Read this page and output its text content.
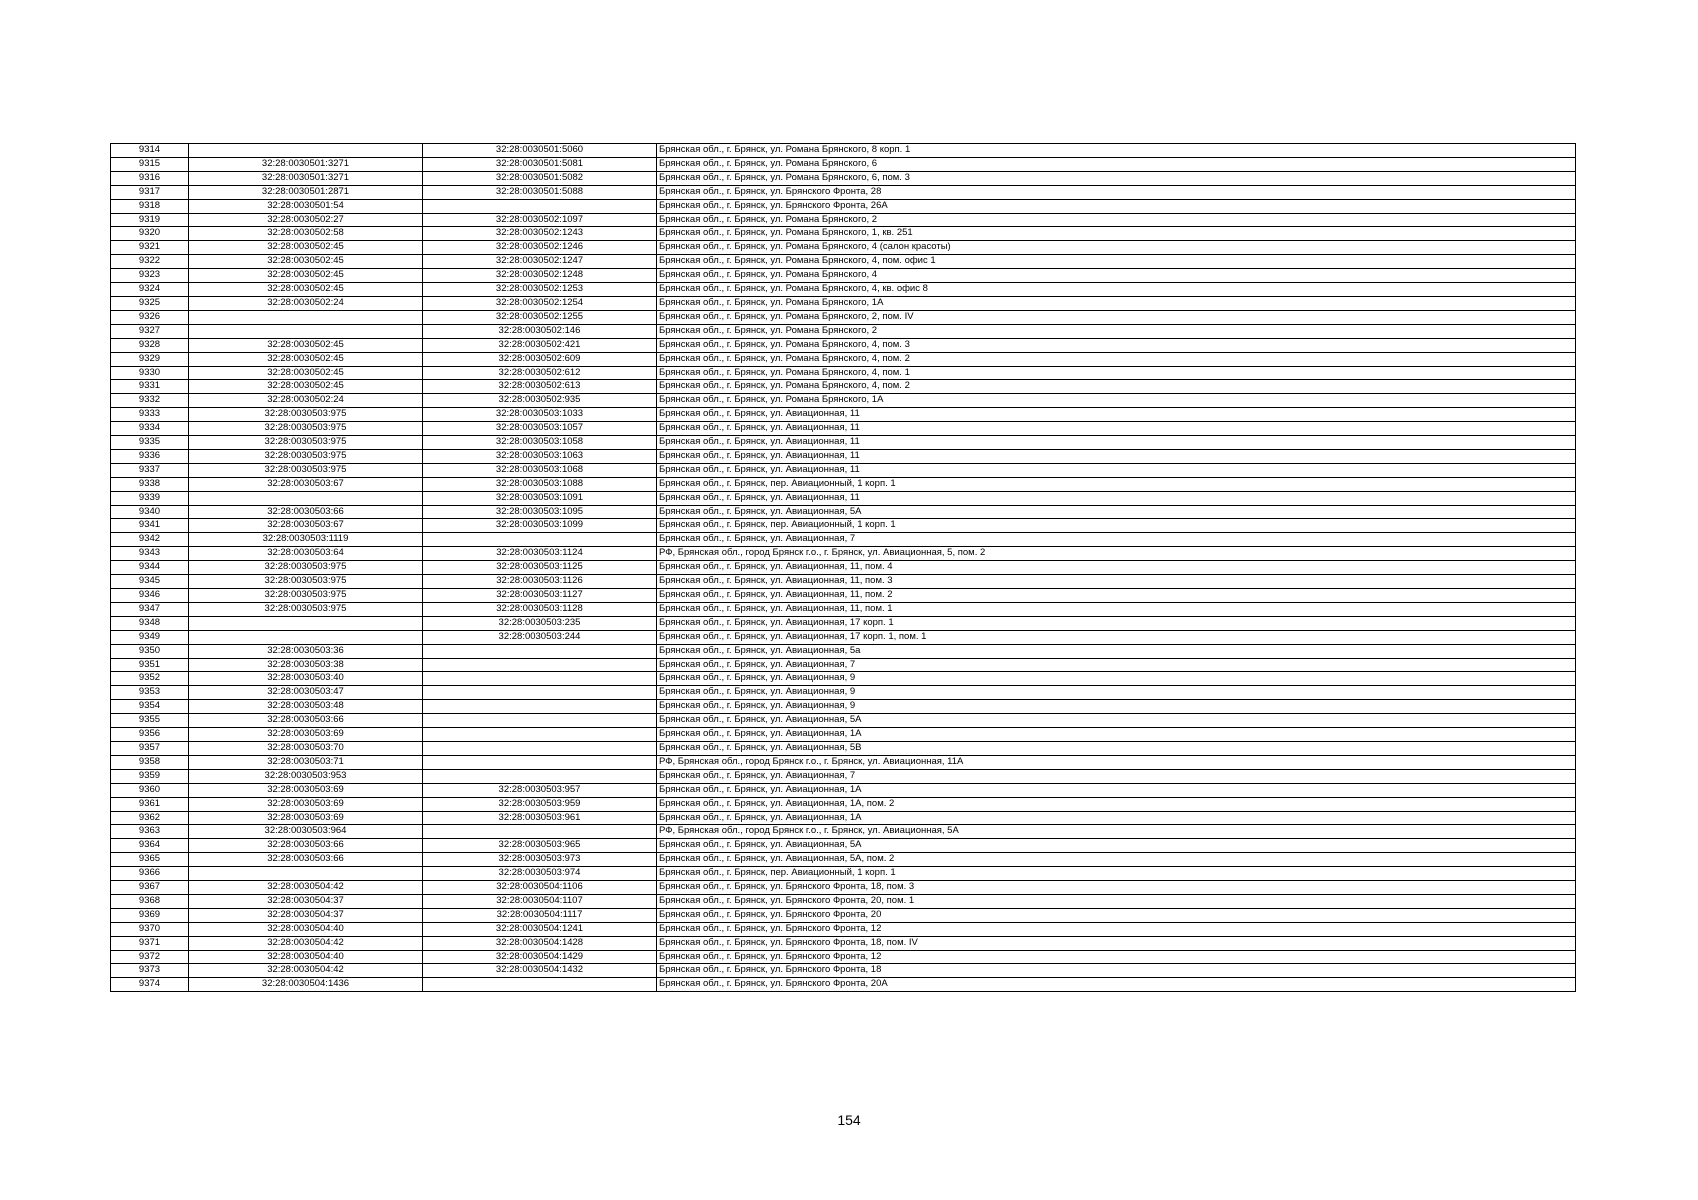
9314		32:28:0030501:5060	Брянская обл., г. Брянск, ул. Романа Брянского, 8 корп. 1
9315	32:28:0030501:3271	32:28:0030501:5081	Брянская обл., г. Брянск, ул. Романа Брянского, 6
9316	32:28:0030501:3271	32:28:0030501:5082	Брянская обл., г. Брянск, ул. Романа Брянского, 6, пом. 3
9317	32:28:0030501:2871	32:28:0030501:5088	Брянская обл., г. Брянск, ул. Брянского Фронта, 28
9318	32:28:0030501:54		Брянская обл., г. Брянск, ул. Брянского Фронта, 26А
9319	32:28:0030502:27	32:28:0030502:1097	Брянская обл., г. Брянск, ул. Романа Брянского, 2
9320	32:28:0030502:58	32:28:0030502:1243	Брянская обл., г. Брянск, ул. Романа Брянского, 1, кв. 251
9321	32:28:0030502:45	32:28:0030502:1246	Брянская обл., г. Брянск, ул. Романа Брянского, 4 (салон красоты)
9322	32:28:0030502:45	32:28:0030502:1247	Брянская обл., г. Брянск, ул. Романа Брянского, 4, пом. офис 1
9323	32:28:0030502:45	32:28:0030502:1248	Брянская обл., г. Брянск, ул. Романа Брянского, 4
9324	32:28:0030502:45	32:28:0030502:1253	Брянская обл., г. Брянск, ул. Романа Брянского, 4, кв. офис 8
9325	32:28:0030502:24	32:28:0030502:1254	Брянская обл., г. Брянск, ул. Романа Брянского, 1А
9326		32:28:0030502:1255	Брянская обл., г. Брянск, ул. Романа Брянского, 2, пом. IV
9327		32:28:0030502:146	Брянская обл., г. Брянск, ул. Романа Брянского, 2
9328	32:28:0030502:45	32:28:0030502:421	Брянская обл., г. Брянск, ул. Романа Брянского, 4, пом. 3
9329	32:28:0030502:45	32:28:0030502:609	Брянская обл., г. Брянск, ул. Романа Брянского, 4, пом. 2
9330	32:28:0030502:45	32:28:0030502:612	Брянская обл., г. Брянск, ул. Романа Брянского, 4, пом. 1
9331	32:28:0030502:45	32:28:0030502:613	Брянская обл., г. Брянск, ул. Романа Брянского, 4, пом. 2
9332	32:28:0030502:24	32:28:0030502:935	Брянская обл., г. Брянск, ул. Романа Брянского, 1А
9333	32:28:0030503:975	32:28:0030503:1033	Брянская обл., г. Брянск, ул. Авиационная, 11
9334	32:28:0030503:975	32:28:0030503:1057	Брянская обл., г. Брянск, ул. Авиационная, 11
9335	32:28:0030503:975	32:28:0030503:1058	Брянская обл., г. Брянск, ул. Авиационная, 11
9336	32:28:0030503:975	32:28:0030503:1063	Брянская обл., г. Брянск, ул. Авиационная, 11
9337	32:28:0030503:975	32:28:0030503:1068	Брянская обл., г. Брянск, ул. Авиационная, 11
9338	32:28:0030503:67	32:28:0030503:1088	Брянская обл., г. Брянск, пер. Авиационный, 1 корп. 1
9339		32:28:0030503:1091	Брянская обл., г. Брянск, ул. Авиационная, 11
9340	32:28:0030503:66	32:28:0030503:1095	Брянская обл., г. Брянск, ул. Авиационная, 5А
9341	32:28:0030503:67	32:28:0030503:1099	Брянская обл., г. Брянск, пер. Авиационный, 1 корп. 1
9342	32:28:0030503:1119		Брянская обл., г. Брянск, ул. Авиационная, 7
9343	32:28:0030503:64	32:28:0030503:1124	РФ, Брянская обл., город Брянск г.о., г. Брянск, ул. Авиационная, 5, пом. 2
9344	32:28:0030503:975	32:28:0030503:1125	Брянская обл., г. Брянск, ул. Авиационная, 11, пом. 4
9345	32:28:0030503:975	32:28:0030503:1126	Брянская обл., г. Брянск, ул. Авиационная, 11, пом. 3
9346	32:28:0030503:975	32:28:0030503:1127	Брянская обл., г. Брянск, ул. Авиационная, 11, пом. 2
9347	32:28:0030503:975	32:28:0030503:1128	Брянская обл., г. Брянск, ул. Авиационная, 11, пом. 1
9348		32:28:0030503:235	Брянская обл., г. Брянск, ул. Авиационная, 17 корп. 1
9349		32:28:0030503:244	Брянская обл., г. Брянск, ул. Авиационная, 17 корп. 1, пом. 1
9350	32:28:0030503:36		Брянская обл., г. Брянск, ул. Авиационная, 5а
9351	32:28:0030503:38		Брянская обл., г. Брянск, ул. Авиационная, 7
9352	32:28:0030503:40		Брянская обл., г. Брянск, ул. Авиационная, 9
9353	32:28:0030503:47		Брянская обл., г. Брянск, ул. Авиационная, 9
9354	32:28:0030503:48		Брянская обл., г. Брянск, ул. Авиационная, 9
9355	32:28:0030503:66		Брянская обл., г. Брянск, ул. Авиационная, 5А
9356	32:28:0030503:69		Брянская обл., г. Брянск, ул. Авиационная, 1А
9357	32:28:0030503:70		Брянская обл., г. Брянск, ул. Авиационная, 5В
9358	32:28:0030503:71		РФ, Брянская обл., город Брянск г.о., г. Брянск, ул. Авиационная, 11А
9359	32:28:0030503:953		Брянская обл., г. Брянск, ул. Авиационная, 7
9360	32:28:0030503:69	32:28:0030503:957	Брянская обл., г. Брянск, ул. Авиационная, 1А
9361	32:28:0030503:69	32:28:0030503:959	Брянская обл., г. Брянск, ул. Авиационная, 1А, пом. 2
9362	32:28:0030503:69	32:28:0030503:961	Брянская обл., г. Брянск, ул. Авиационная, 1А
9363	32:28:0030503:964		РФ, Брянская обл., город Брянск г.о., г. Брянск, ул. Авиационная, 5А
9364	32:28:0030503:66	32:28:0030503:965	Брянская обл., г. Брянск, ул. Авиационная, 5А
9365	32:28:0030503:66	32:28:0030503:973	Брянская обл., г. Брянск, ул. Авиационная, 5А, пом. 2
9366		32:28:0030503:974	Брянская обл., г. Брянск, пер. Авиационный, 1 корп. 1
9367	32:28:0030504:42	32:28:0030504:1106	Брянская обл., г. Брянск, ул. Брянского Фронта, 18, пом. 3
9368	32:28:0030504:37	32:28:0030504:1107	Брянская обл., г. Брянск, ул. Брянского Фронта, 20, пом. 1
9369	32:28:0030504:37	32:28:0030504:1117	Брянская обл., г. Брянск, ул. Брянского Фронта, 20
9370	32:28:0030504:40	32:28:0030504:1241	Брянская обл., г. Брянск, ул. Брянского Фронта, 12
9371	32:28:0030504:42	32:28:0030504:1428	Брянская обл., г. Брянск, ул. Брянского Фронта, 18, пом. IV
9372	32:28:0030504:40	32:28:0030504:1429	Брянская обл., г. Брянск, ул. Брянского Фронта, 12
9373	32:28:0030504:42	32:28:0030504:1432	Брянская обл., г. Брянск, ул. Брянского Фронта, 18
9374	32:28:0030504:1436		Брянская обл., г. Брянск, ул. Брянского Фронта, 20А
154
